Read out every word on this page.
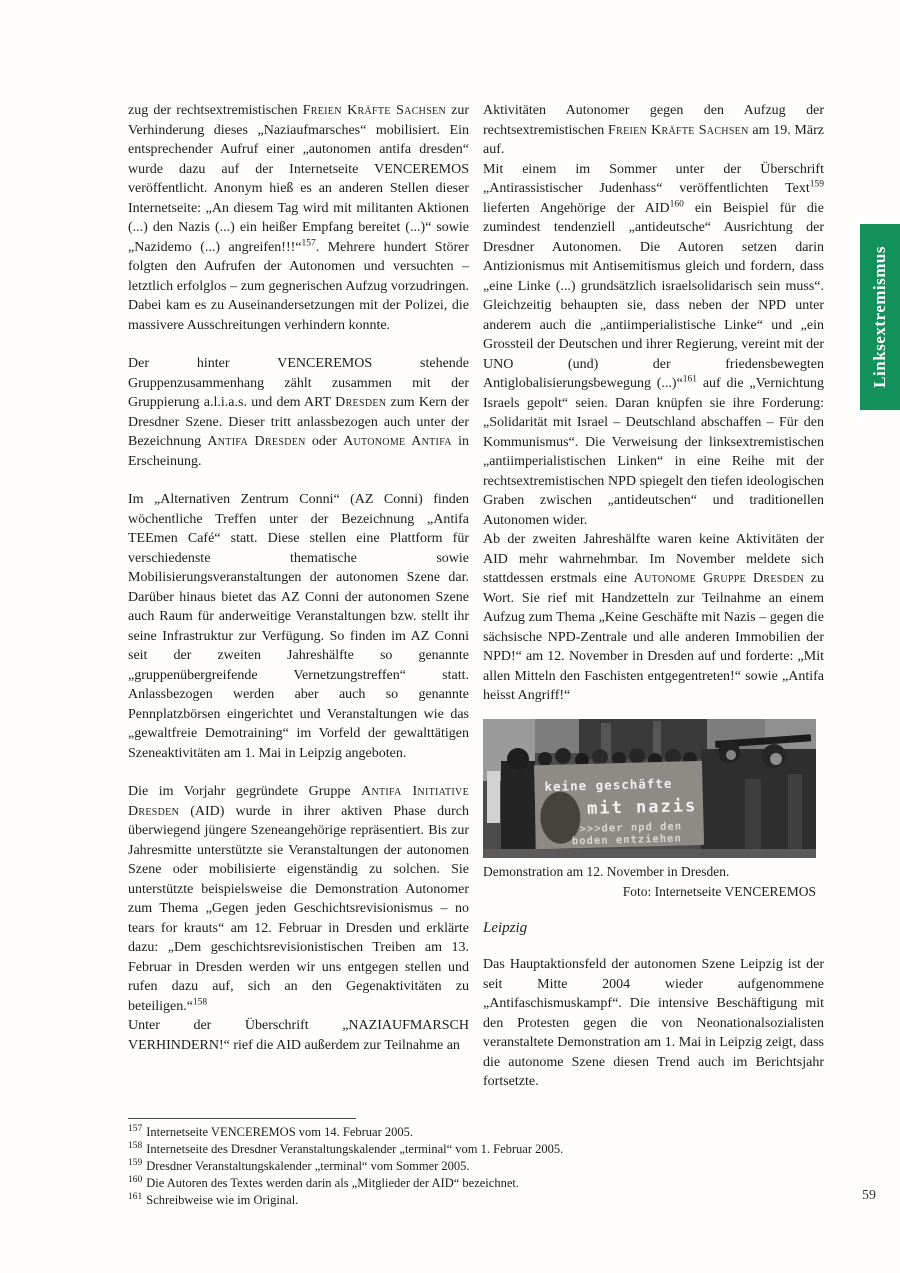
zug der rechtsextremistischen Freien Kräfte Sachsen zur Verhinderung dieses „Naziaufmarsches“ mobilisiert. Ein entsprechender Aufruf einer „autonomen antifa dresden“ wurde dazu auf der Internetseite VENCEREMOS veröffentlicht. Anonym hieß es an anderen Stellen dieser Internetseite: „An diesem Tag wird mit militanten Aktionen (...) den Nazis (...) ein heißer Empfang bereitet (...)“ sowie „Nazidemo (...) angreifen!!!“$^{157}$. Mehrere hundert Störer folgten den Aufrufen der Autonomen und versuchten – letztlich erfolglos – zum gegnerischen Aufzug vorzudringen. Dabei kam es zu Auseinandersetzungen mit der Polizei, die massivere Ausschreitungen verhindern konnte.

Der hinter VENCEREMOS stehende Gruppenzusammenhang zählt zusammen mit der Gruppierung a.l.i.a.s. und dem ART Dresden zum Kern der Dresdner Szene. Dieser tritt anlassbezogen auch unter der Bezeichnung Antifa Dresden oder Autonome Antifa in Erscheinung.

Im „Alternativen Zentrum Conni“ (AZ Conni) finden wöchentliche Treffen unter der Bezeichnung „Antifa TEEmen Café“ statt. Diese stellen eine Plattform für verschiedenste thematische sowie Mobilisierungsveranstaltungen der autonomen Szene dar. Darüber hinaus bietet das AZ Conni der autonomen Szene auch Raum für anderweitige Veranstaltungen bzw. stellt ihr seine Infrastruktur zur Verfügung. So finden im AZ Conni seit der zweiten Jahreshälfte so genannte „gruppenübergreifende Vernetzungstreffen“ statt. Anlassbezogen werden aber auch so genannte Pennplatzbörsen eingerichtet und Veranstaltungen wie das „gewaltfreie Demotraining“ im Vorfeld der gewalttätigen Szeneaktivitäten am 1. Mai in Leipzig angeboten.

Die im Vorjahr gegründete Gruppe Antifa Initiative Dresden (AID) wurde in ihrer aktiven Phase durch überwiegend jüngere Szeneangehörige repräsentiert. Bis zur Jahresmitte unterstützte sie Veranstaltungen der autonomen Szene oder mobilisierte eigenständig zu solchen. Sie unterstützte beispielsweise die Demonstration Autonomer zum Thema „Gegen jeden Geschichtsrevisionismus – no tears for krauts“ am 12. Februar in Dresden und erklärte dazu: „Dem geschichtsrevisionistischen Treiben am 13. Februar in Dresden werden wir uns entgegen stellen und rufen dazu auf, sich an den Gegenaktivitäten zu beteiligen.“$^{158}$

Unter der Überschrift „NAZIAUFMARSCH VERHINDERN!“ rief die AID außerdem zur Teilnahme an

Aktivitäten Autonomer gegen den Aufzug der rechtsextremistischen Freien Kräfte Sachsen am 19. März auf.

Mit einem im Sommer unter der Überschrift „Antirassistischer Judenhass“ veröffentlichten Text$^{159}$ lieferten Angehörige der AID$^{160}$ ein Beispiel für die zumindest tendenziell „antideutsche“ Ausrichtung der Dresdner Autonomen. Die Autoren setzen darin Antizionismus mit Antisemitismus gleich und fordern, dass „eine Linke (...) grundsätzlich israelsolidarisch sein muss“. Gleichzeitig behaupten sie, dass neben der NPD unter anderem auch die „antiimperialistische Linke“ und „ein Grossteil der Deutschen und ihrer Regierung, vereint mit der UNO (und) der friedensbewegten Antiglobalisierungsbewegung (...)“$^{161}$ auf die „Vernichtung Israels gepolt“ seien. Daran knüpfen sie ihre Forderung: „Solidarität mit Israel – Deutschland abschaffen – Für den Kommunismus“. Die Verweisung der linksextremistischen „antiimperialistischen Linken“ in eine Reihe mit der rechtsextremistischen NPD spiegelt den tiefen ideologischen Graben zwischen „antideutschen“ und traditionellen Autonomen wider.

Ab der zweiten Jahreshälfte waren keine Aktivitäten der AID mehr wahrnehmbar. Im November meldete sich stattdessen erstmals eine Autonome Gruppe Dresden zu Wort. Sie rief mit Handzetteln zur Teilnahme an einem Aufzug zum Thema „Keine Geschäfte mit Nazis – gegen die sächsische NPD-Zentrale und alle anderen Immobilien der NPD!“ am 12. November in Dresden auf und forderte: „Mit allen Mitteln den Faschisten entgegentreten!“ sowie „Antifa heisst Angriff!“

keine geschäfte
mit nazis
>>>der npd den
boden entziehen
Demonstration am 12. November in Dresden.
Foto: Internetseite VENCEREMOS
Leipzig

Das Hauptaktionsfeld der autonomen Szene Leipzig ist der seit Mitte 2004 wieder aufgenommene „Antifaschismuskampf“. Die intensive Beschäftigung mit den Protesten gegen die von Neonationalsozialisten veranstaltete Demonstration am 1. Mai in Leipzig zeigt, dass die autonome Szene diesen Trend auch im Berichtsjahr fortsetzte.

$^{157}$ Internetseite VENCEREMOS vom 14. Februar 2005.
$^{158}$ Internetseite des Dresdner Veranstaltungskalender „terminal“ vom 1. Februar 2005.
$^{159}$ Dresdner Veranstaltungskalender „terminal“ vom Sommer 2005.
$^{160}$ Die Autoren des Textes werden darin als „Mitglieder der AID“ bezeichnet.
$^{161}$ Schreibweise wie im Original.	59
Linksextremismus
